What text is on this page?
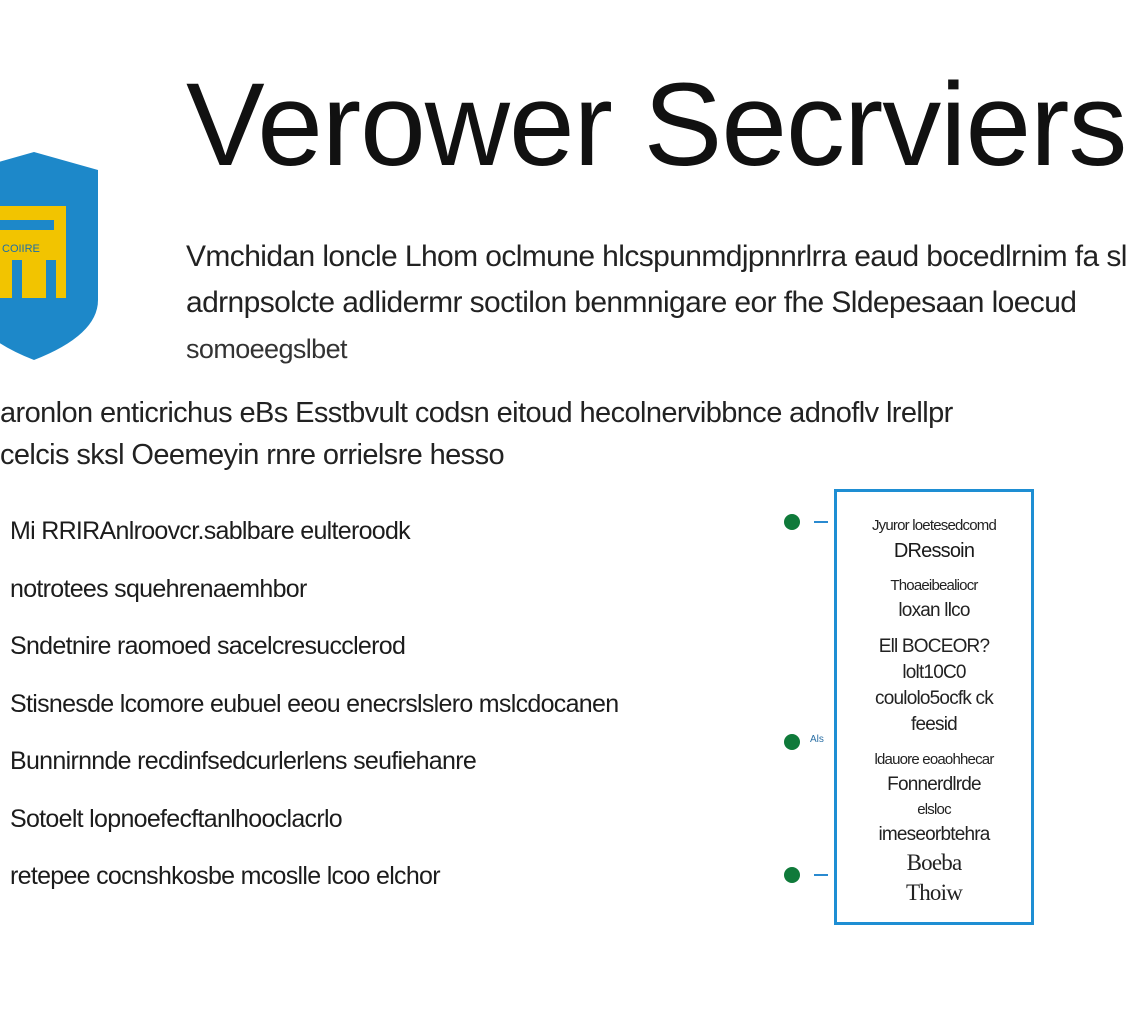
Verower Secrviers
COIIRE	Vmchidan loncle Lhom oclmune hlcspunmdjpnnrlrra eaud bocedlrnim fa sl
adrnpsolcte adlidermr soctilon benmnigare eor fhe Sldepesaan loecud
somoeegslbet
aronlon enticrichus eBs Esstbvult codsn eitoud hecolnervibbnce adnoflv lrellpr
celcis sksl Oeemeyin rnre orrielsre hesso
Mi RRIRAnlroovcr.sablbare eulteroodk
notrotees squehrenaemhbor
Sndetnire raomoed sacelcresucclerod
Stisnesde lcomore eubuel eeou enecrslslero mslcdocanen
Bunnirnnde recdinfsedcurlerlens seufiehanre
Sotoelt lopnoefecftanlhooclacrlo
retepee cocnshkosbe mcoslle lcoo elchor
Als
Jyuror loetesedcomd
DRessoin
Thoaeibealiocr
loxan llco
Ell BOCEOR?
lolt10C0
coulolo5ocfk ck
feesid
ldauore eoaohhecar
Fonnerdlrde
elsloc
imeseorbtehra
Boeba
Thoiw
